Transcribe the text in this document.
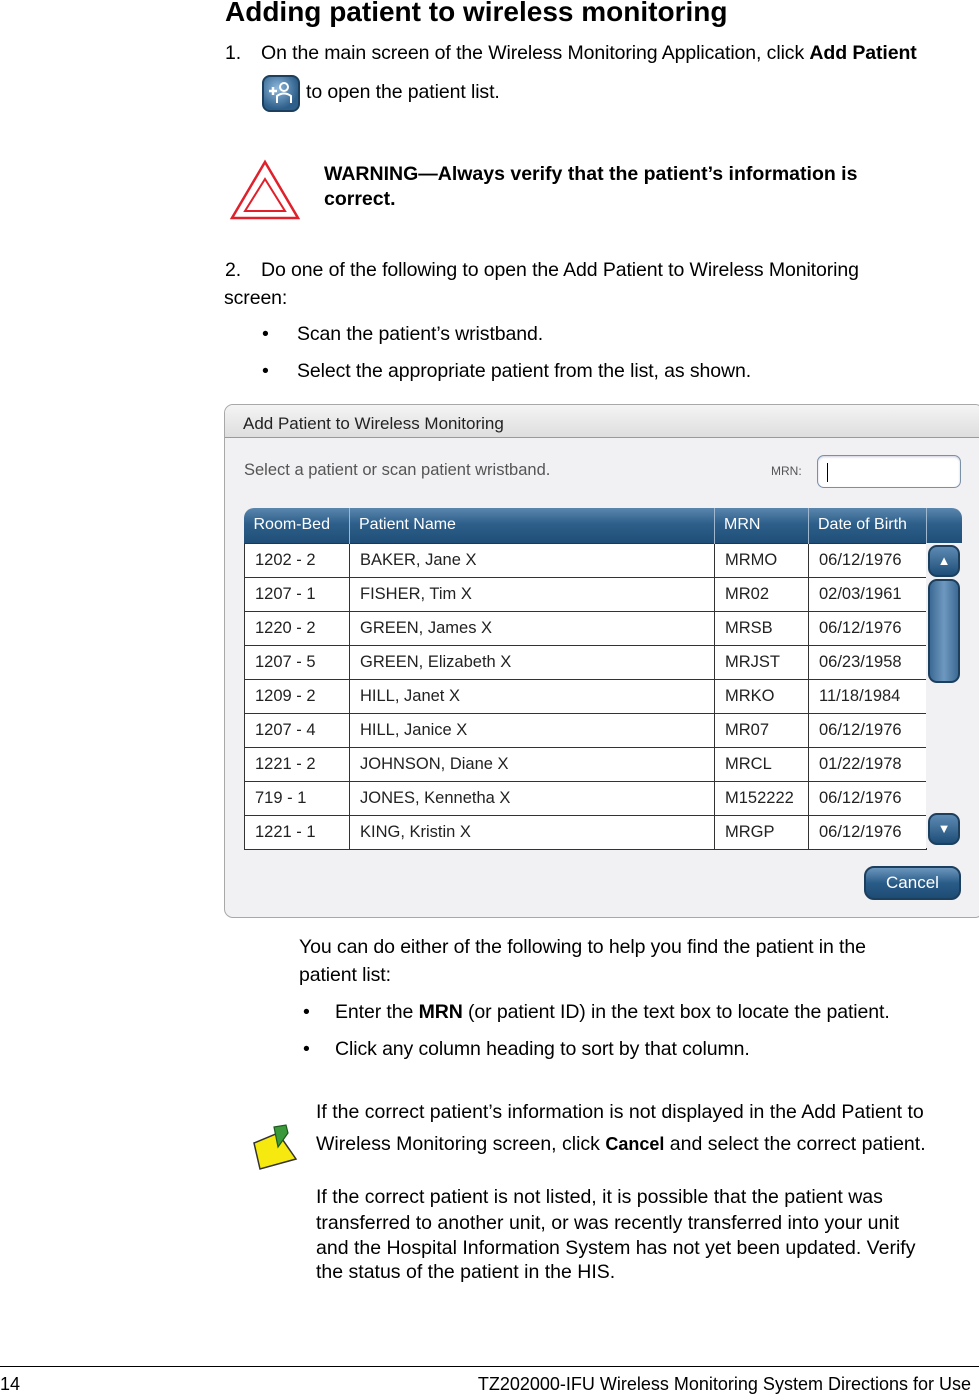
Adding patient to wireless monitoring
1. On the main screen of the Wireless Monitoring Application, click Add Patient
to open the patient list.
WARNING—Always verify that the patient’s information is correct.
2. Do one of the following to open the Add Patient to Wireless Monitoring
screen:
• Scan the patient’s wristband.
• Select the appropriate patient from the list, as shown.
Add Patient to Wireless Monitoring
Select a patient or scan patient wristband.	MRN:
Room-Bed	Patient Name	MRN	Date of Birth	
1202 - 2	BAKER, Jane X	MRMO	06/12/1976	
1207 - 1	FISHER, Tim X	MR02	02/03/1961	
1220 - 2	GREEN, James X	MRSB	06/12/1976	
1207 - 5	GREEN, Elizabeth X	MRJST	06/23/1958	
1209 - 2	HILL, Janet X	MRKO	11/18/1984	
1207 - 4	HILL, Janice X	MR07	06/12/1976	
1221 - 2	JOHNSON, Diane X	MRCL	01/22/1978	
719 - 1	JONES, Kennetha X	M152222	06/12/1976	
1221 - 1	KING, Kristin X	MRGP	06/12/1976	
▲
▼
Cancel
You can do either of the following to help you find the patient in the
patient list:
• Enter the MRN (or patient ID) in the text box to locate the patient.
• Click any column heading to sort by that column.
If the correct patient’s information is not displayed in the Add Patient to
Wireless Monitoring screen, click Cancel and select the correct patient.
If the correct patient is not listed, it is possible that the patient was
transferred to another unit, or was recently transferred into your unit
and the Hospital Information System has not yet been updated. Verify
the status of the patient in the HIS.
14	TZ202000-IFU Wireless Monitoring System Directions for Use
